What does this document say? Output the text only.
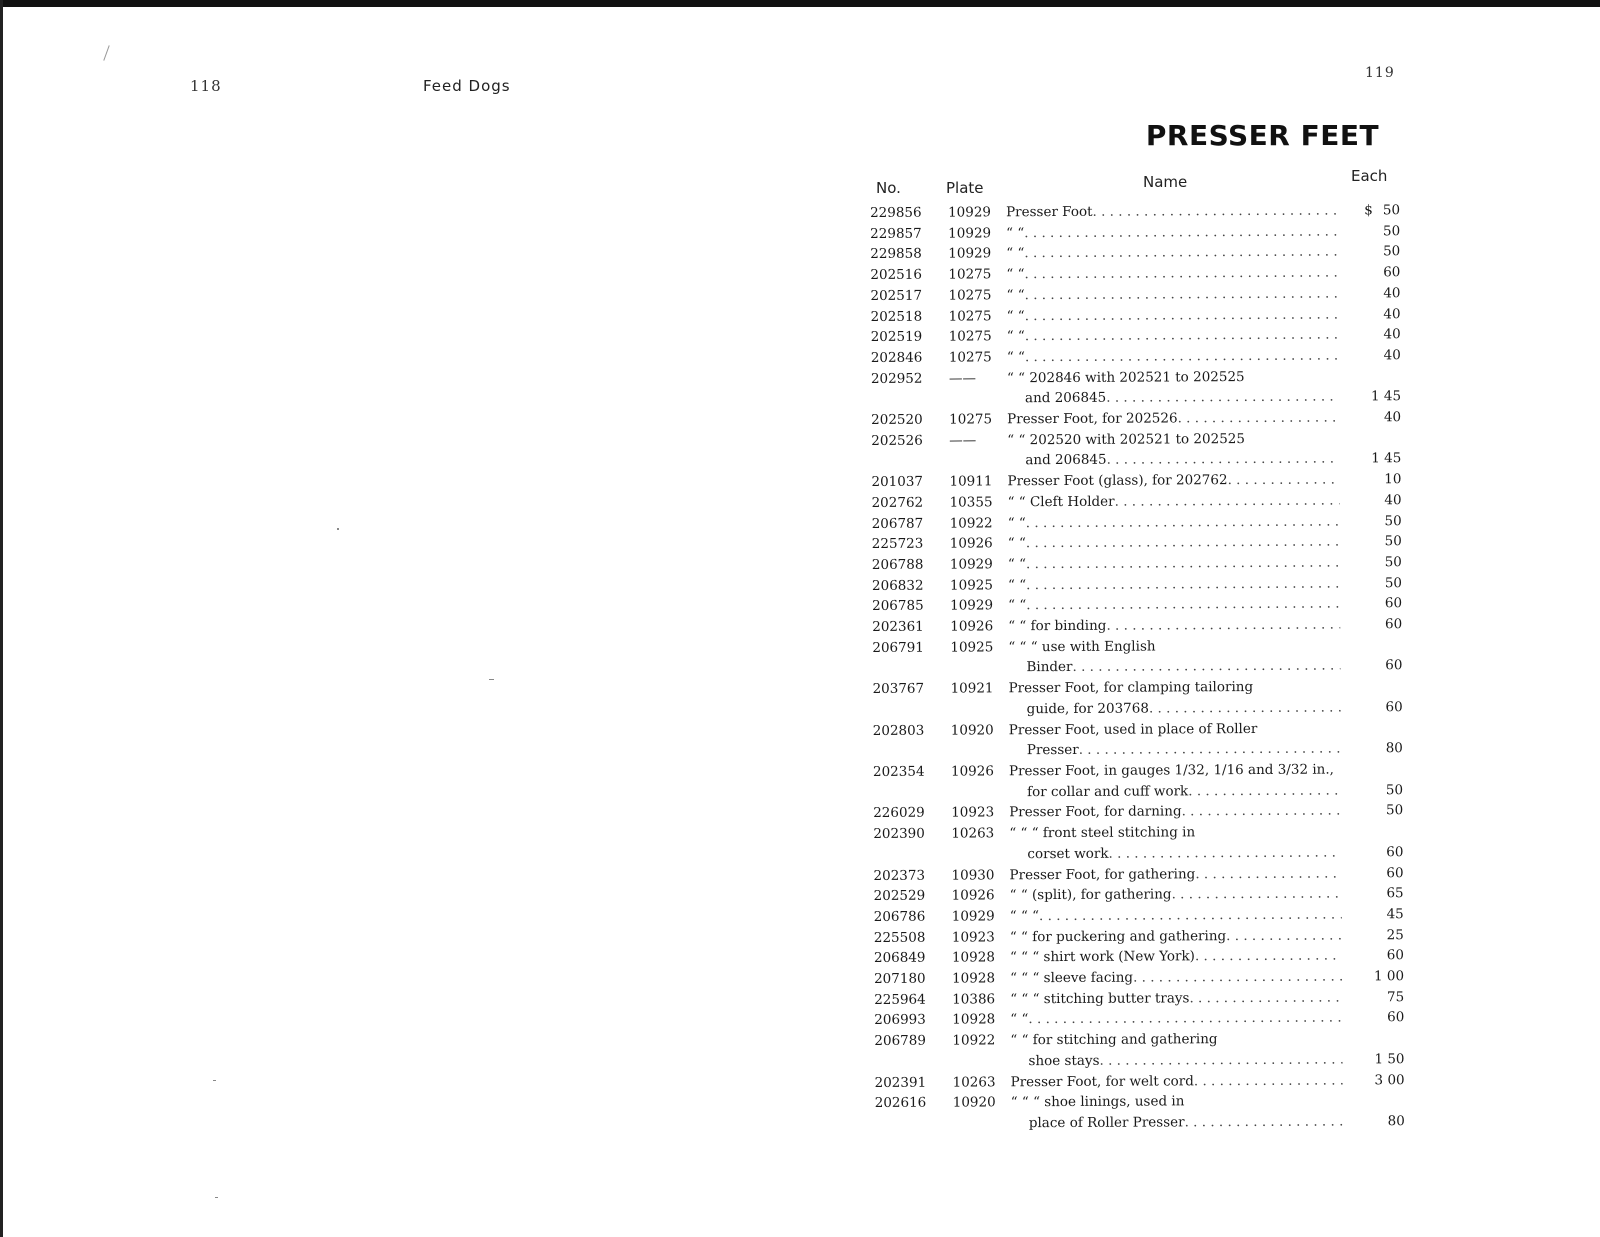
118	Feed Dogs
119
PRESSER FEET
No.	Plate	Name	Each
229856	10929	Presser Foot . . .	$ 50
229857	10929	“ “ . . .	50
229858	10929	“ “ . . .	50
202516	10275	“ “ . . .	60
202517	10275	“ “ . . .	40
202518	10275	“ “ . . .	40
202519	10275	“ “ . . .	40
202846	10275	“ “ . . .	40
202952	——	“ “ 202846 with 202521 to 202525
and 206845 . . .	1 45
202520	10275	Presser Foot, for 202526 . . .	40
202526	——	“ “ 202520 with 202521 to 202525
and 206845 . . .	1 45
201037	10911	Presser Foot (glass), for 202762 . . .	10
202762	10355	“ “ Cleft Holder . . .	40
206787	10922	“ “ . . .	50
225723	10926	“ “ . . .	50
206788	10929	“ “ . . .	50
206832	10925	“ “ . . .	50
206785	10929	“ “ . . .	60
202361	10926	“ “ for binding . . .	60
206791	10925	“ “ “ use with English
Binder . . .	60
203767	10921	Presser Foot, for clamping tailoring
guide, for 203768 . . .	60
202803	10920	Presser Foot, used in place of Roller
Presser . . .	80
202354	10926	Presser Foot, in gauges 1/32, 1/16 and 3/32 in.,
for collar and cuff work . . .	50
226029	10923	Presser Foot, for darning . . .	50
202390	10263	“ “ “ front steel stitching in
corset work . . .	60
202373	10930	Presser Foot, for gathering . . .	60
202529	10926	“ “ (split), for gathering . . .	65
206786	10929	“ “ “ . . .	45
225508	10923	“ “ for puckering and gathering . . .	25
206849	10928	“ “ “ shirt work (New York) . . .	60
207180	10928	“ “ “ sleeve facing . . .	1 00
225964	10386	“ “ “ stitching butter trays . . .	75
206993	10928	“ “ . . .	60
206789	10922	“ “ for stitching and gathering
shoe stays . . .	1 50
202391	10263	Presser Foot, for welt cord . . .	3 00
202616	10920	“ “ “ shoe linings, used in
place of Roller Presser . . .	80
